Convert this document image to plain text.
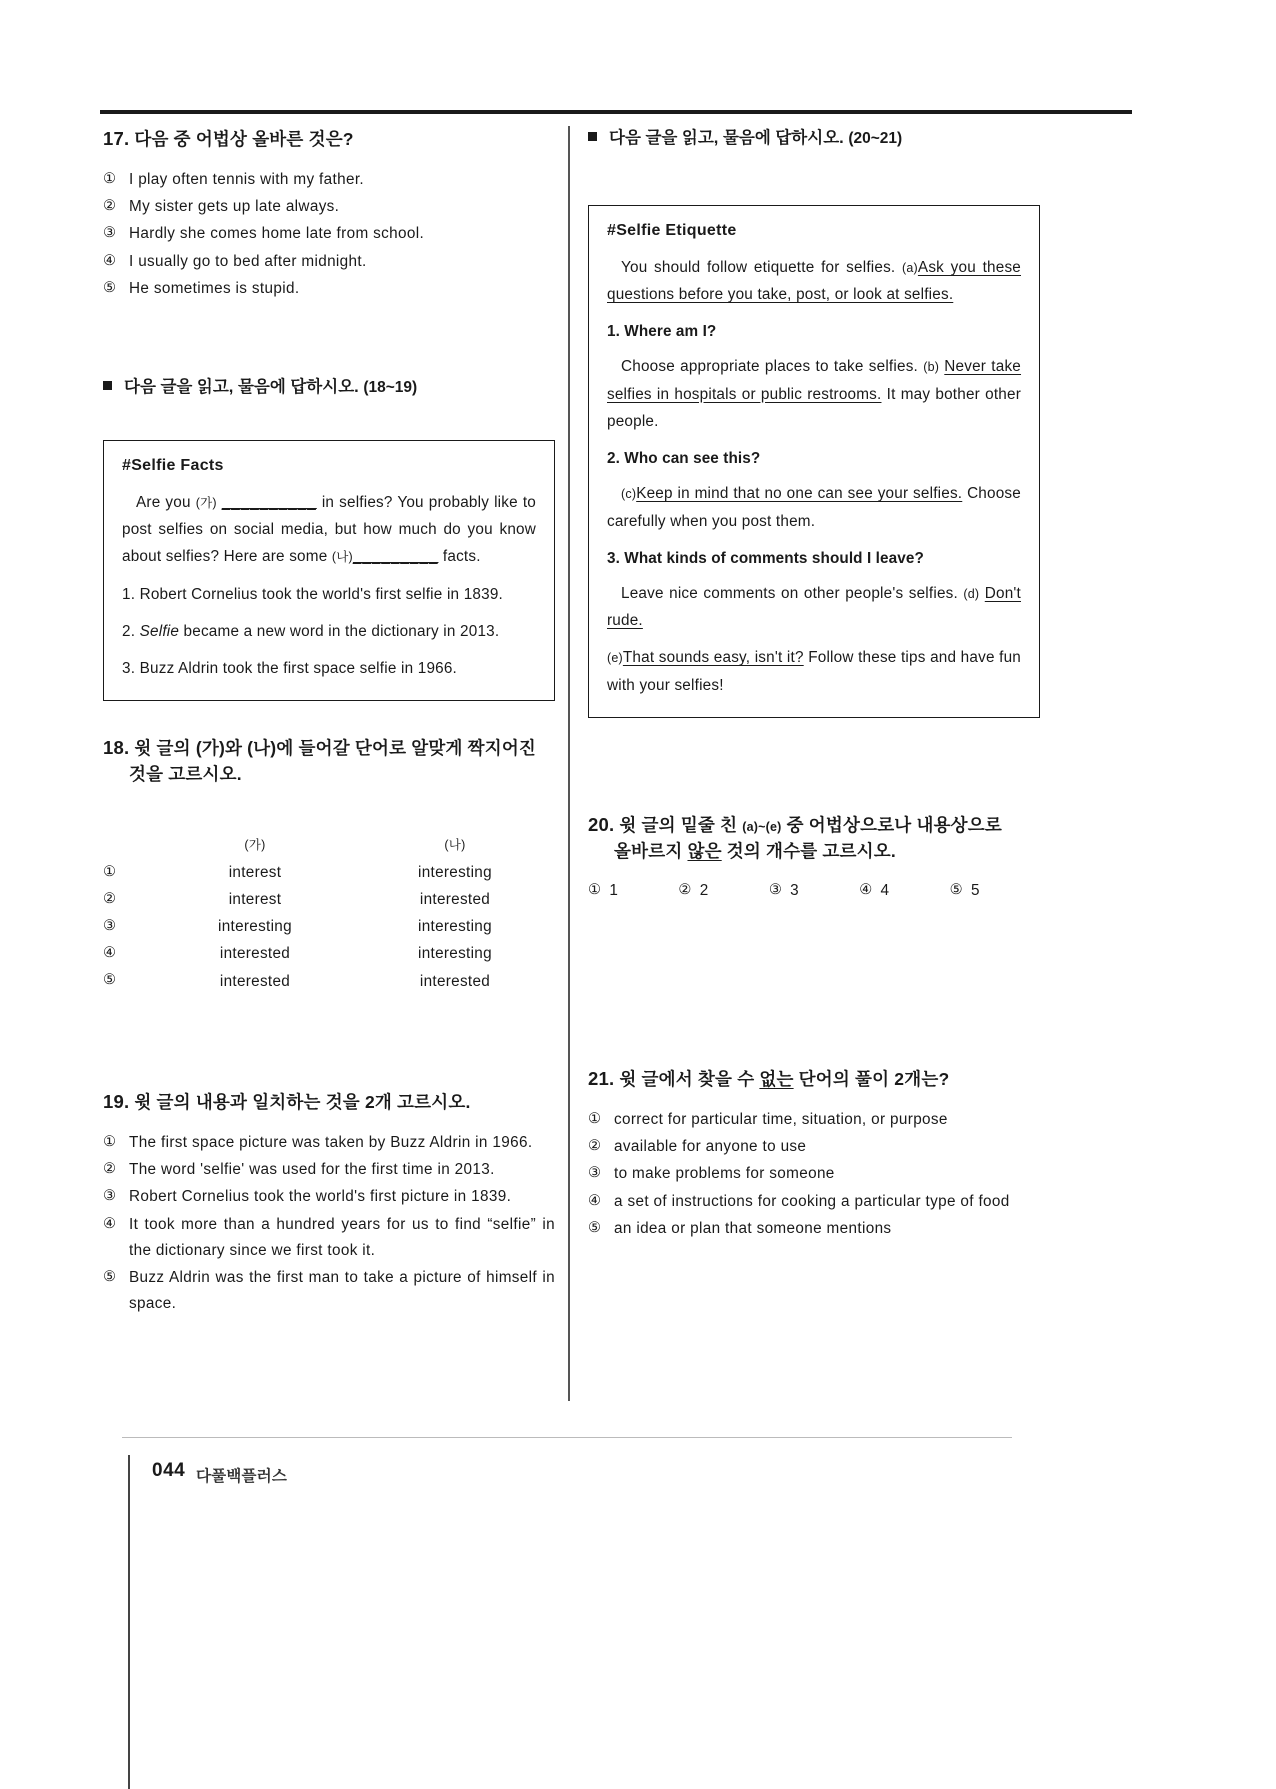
17. 다음 중 어법상 올바른 것은?
① I play often tennis with my father.
② My sister gets up late always.
③ Hardly she comes home late from school.
④ I usually go to bed after midnight.
⑤ He sometimes is stupid.
다음 글을 읽고, 물음에 답하시오. (18~19)
#Selfie Facts

Are you (가) __________ in selfies? You probably like to post selfies on social media, but how much do you know about selfies? Here are some (나)_________ facts.

1. Robert Cornelius took the world's first selfie in 1839.

2. Selfie became a new word in the dictionary in 2013.

3. Buzz Aldrin took the first space selfie in 1966.

18. 윗 글의 (가)와 (나)에 들어갈 단어로 알맞게 짝지어진
것을 고르시오.
	(가)	(나)
①	interest	interesting
②	interest	interested
③	interesting	interesting
④	interested	interesting
⑤	interested	interested
19. 윗 글의 내용과 일치하는 것을 2개 고르시오.
① The first space picture was taken by Buzz Aldrin in 1966.
② The word 'selfie' was used for the first time in 2013.
③ Robert Cornelius took the world's first picture in 1839.
④ It took more than a hundred years for us to find “selfie” in the dictionary since we first took it.
⑤ Buzz Aldrin was the first man to take a picture of himself in space.
다음 글을 읽고, 물음에 답하시오. (20~21)
#Selfie Etiquette

You should follow etiquette for selfies. (a)Ask you these questions before you take, post, or look at selfies.

1. Where am I?

Choose appropriate places to take selfies. (b) Never take selfies in hospitals or public restrooms. It may bother other people.

2. Who can see this?

(c)Keep in mind that no one can see your selfies. Choose carefully when you post them.

3. What kinds of comments should I leave?

Leave nice comments on other people's selfies. (d) Don't rude.

(e)That sounds easy, isn't it? Follow these tips and have fun with your selfies!

20. 윗 글의 밑줄 친 (a)~(e) 중 어법상으로나 내용상으로
올바르지 않은 것의 개수를 고르시오.
① 1	② 2	③ 3	④ 4	⑤ 5
21. 윗 글에서 찾을 수 없는 단어의 풀이 2개는?
① correct for particular time, situation, or purpose
② available for anyone to use
③ to make problems for someone
④ a set of instructions for cooking a particular type of food
⑤ an idea or plan that someone mentions
044 다풀백플러스
